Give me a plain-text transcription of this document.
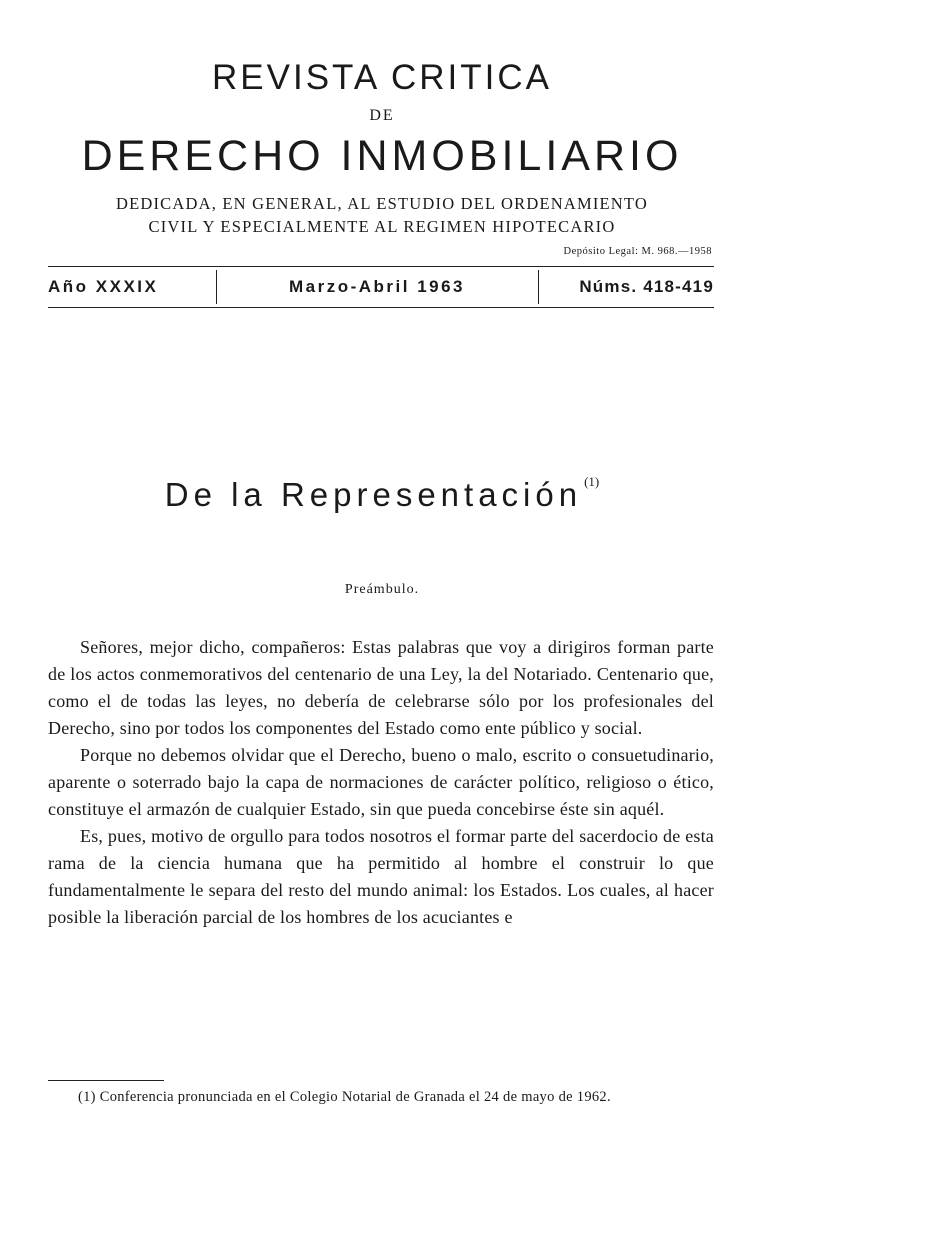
REVISTA CRITICA
DE
DERECHO INMOBILIARIO
DEDICADA, EN GENERAL, AL ESTUDIO DEL ORDENAMIENTO
CIVIL Y ESPECIALMENTE AL REGIMEN HIPOTECARIO
Depósito Legal: M. 968.—1958
Año XXXIX	Marzo-Abril 1963	Núms. 418-419
De la Representación $^{(1)}$
Preámbulo.

Señores, mejor dicho, compañeros: Estas palabras que voy a dirigiros forman parte de los actos conmemorativos del centenario de una Ley, la del Notariado. Centenario que, como el de todas las leyes, no debería de celebrarse sólo por los profesionales del Derecho, sino por todos los componentes del Estado como ente público y social.

Porque no debemos olvidar que el Derecho, bueno o malo, escrito o consuetudinario, aparente o soterrado bajo la capa de normaciones de carácter político, religioso o ético, constituye el armazón de cualquier Estado, sin que pueda concebirse éste sin aquél.

Es, pues, motivo de orgullo para todos nosotros el formar parte del sacerdocio de esta rama de la ciencia humana que ha permitido al hombre el construir lo que fundamentalmente le separa del resto del mundo animal: los Estados. Los cuales, al hacer posible la liberación parcial de los hombres de los acuciantes e

(1) Conferencia pronunciada en el Colegio Notarial de Granada el 24 de mayo de 1962.
